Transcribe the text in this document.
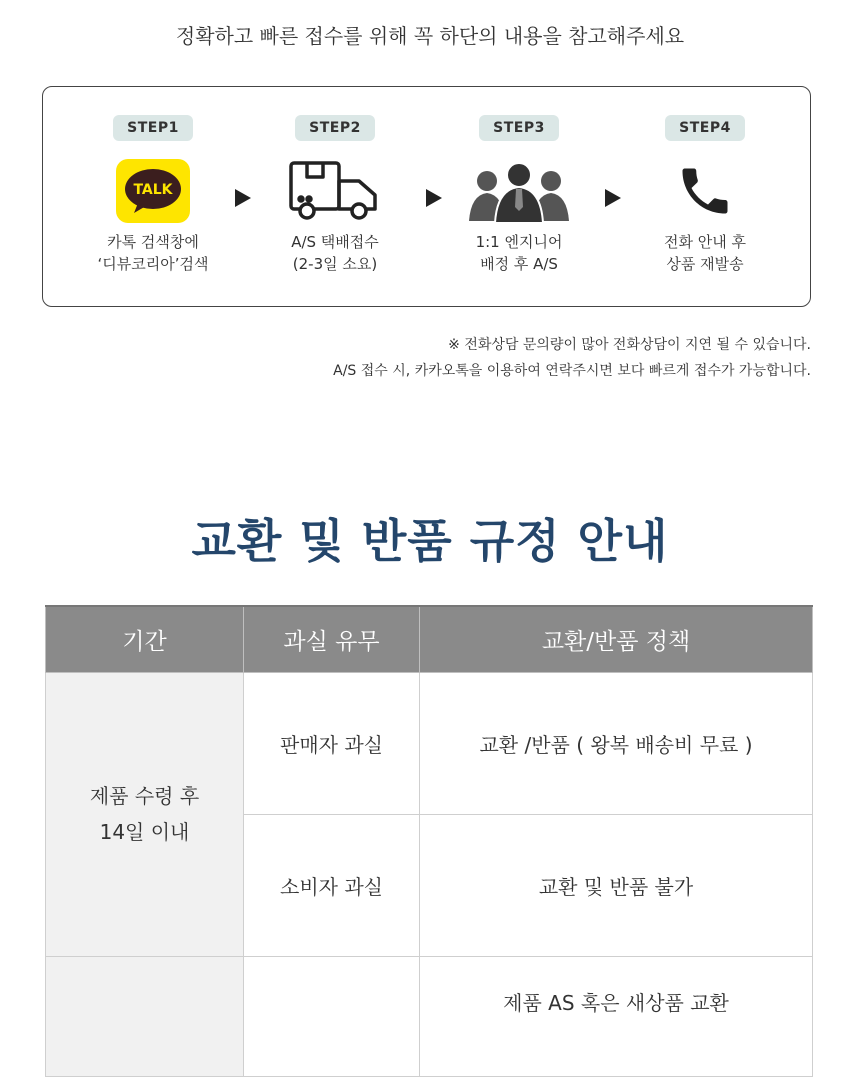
정확하고 빠른 접수를 위해 꼭 하단의 내용을 참고해주세요
STEP1
TALK
카톡 검색창에
‘디뷰코리아’검색
STEP2
A/S 택배접수
(2-3일 소요)
STEP3
1:1 엔지니어
배정 후 A/S
STEP4
전화 안내 후
상품 재발송
※ 전화상담 문의량이 많아 전화상담이 지연 될 수 있습니다.
A/S 접수 시, 카카오톡을 이용하여 연락주시면 보다 빠르게 접수가 가능합니다.
교환 및 반품 규정 안내
기간	과실 유무	교환/반품 정책
제품 수령 후
14일 이내	판매자 과실	교환 /반품 ( 왕복 배송비 무료 )
	소비자 과실	교환 및 반품 불가
		제품 AS 혹은 새상품 교환
